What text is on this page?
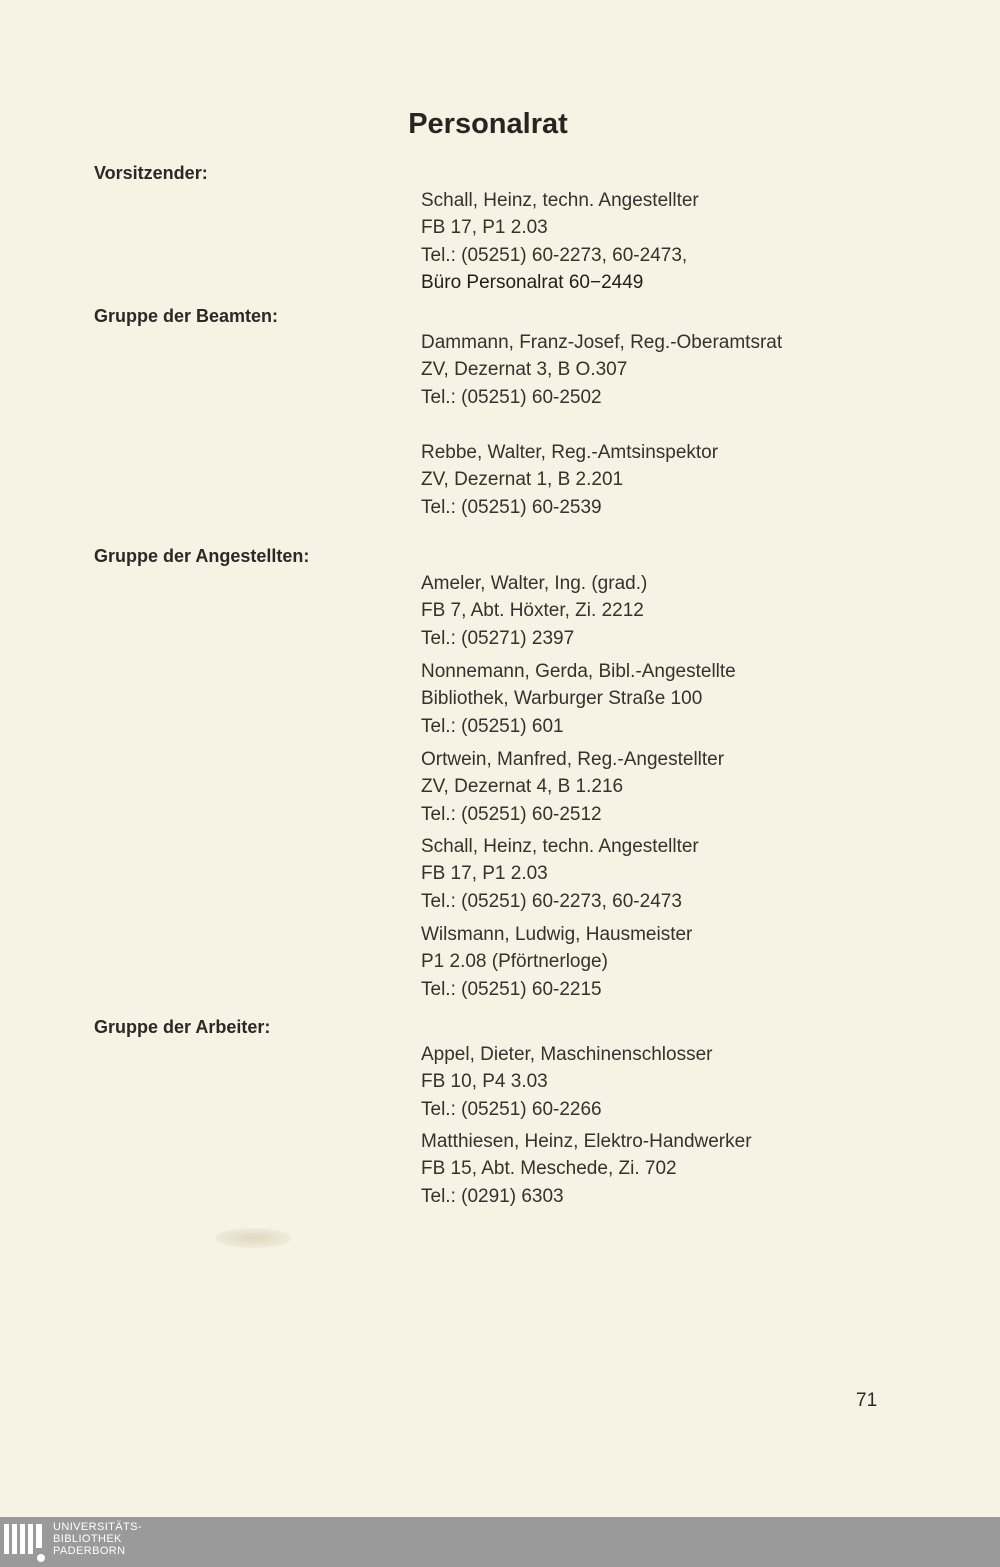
Personalrat
Vorsitzender:
Gruppe der Beamten:
Gruppe der Angestellten:
Gruppe der Arbeiter:
Schall, Heinz, techn. Angestellter
FB 17, P1 2.03
Tel.: (05251) 60-2273, 60-2473,
Büro Personalrat 60−2449
Dammann, Franz-Josef, Reg.-Oberamtsrat
ZV, Dezernat 3, B O.307
Tel.: (05251) 60-2502
Rebbe, Walter, Reg.-Amtsinspektor
ZV, Dezernat 1, B 2.201
Tel.: (05251) 60-2539
Ameler, Walter, Ing. (grad.)
FB 7, Abt. Höxter, Zi. 2212
Tel.: (05271) 2397
Nonnemann, Gerda, Bibl.-Angestellte
Bibliothek, Warburger Straße 100
Tel.: (05251) 601
Ortwein, Manfred, Reg.-Angestellter
ZV, Dezernat 4, B 1.216
Tel.: (05251) 60-2512
Schall, Heinz, techn. Angestellter
FB 17, P1 2.03
Tel.: (05251) 60-2273, 60-2473
Wilsmann, Ludwig, Hausmeister
P1 2.08 (Pförtnerloge)
Tel.: (05251) 60-2215
Appel, Dieter, Maschinenschlosser
FB 10, P4 3.03
Tel.: (05251) 60-2266
Matthiesen, Heinz, Elektro-Handwerker
FB 15, Abt. Meschede, Zi. 702
Tel.: (0291) 6303
71
UNIVERSITÄTS-
BIBLIOTHEK
PADERBORN
